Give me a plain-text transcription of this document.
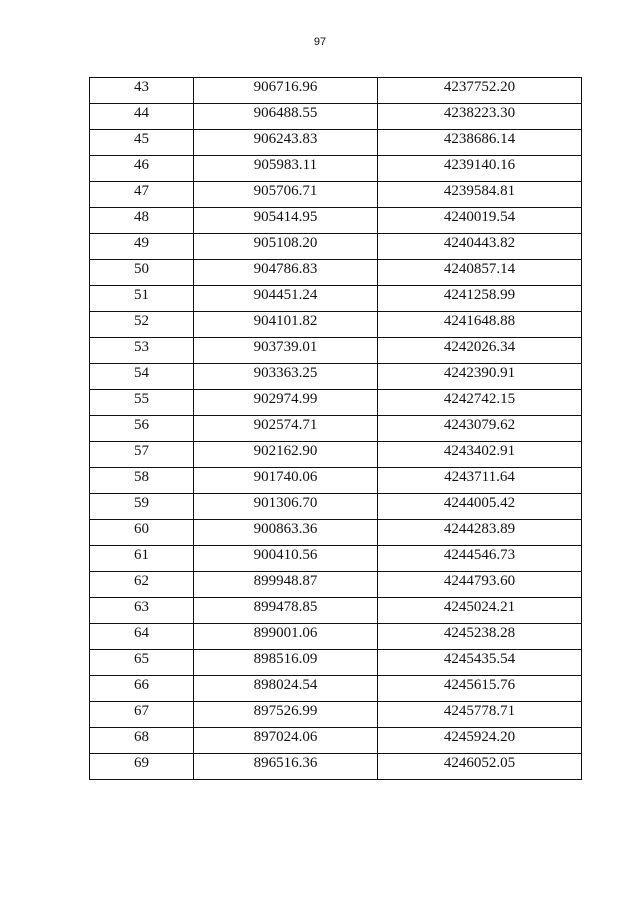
97
43	906716.96	4237752.20
44	906488.55	4238223.30
45	906243.83	4238686.14
46	905983.11	4239140.16
47	905706.71	4239584.81
48	905414.95	4240019.54
49	905108.20	4240443.82
50	904786.83	4240857.14
51	904451.24	4241258.99
52	904101.82	4241648.88
53	903739.01	4242026.34
54	903363.25	4242390.91
55	902974.99	4242742.15
56	902574.71	4243079.62
57	902162.90	4243402.91
58	901740.06	4243711.64
59	901306.70	4244005.42
60	900863.36	4244283.89
61	900410.56	4244546.73
62	899948.87	4244793.60
63	899478.85	4245024.21
64	899001.06	4245238.28
65	898516.09	4245435.54
66	898024.54	4245615.76
67	897526.99	4245778.71
68	897024.06	4245924.20
69	896516.36	4246052.05
